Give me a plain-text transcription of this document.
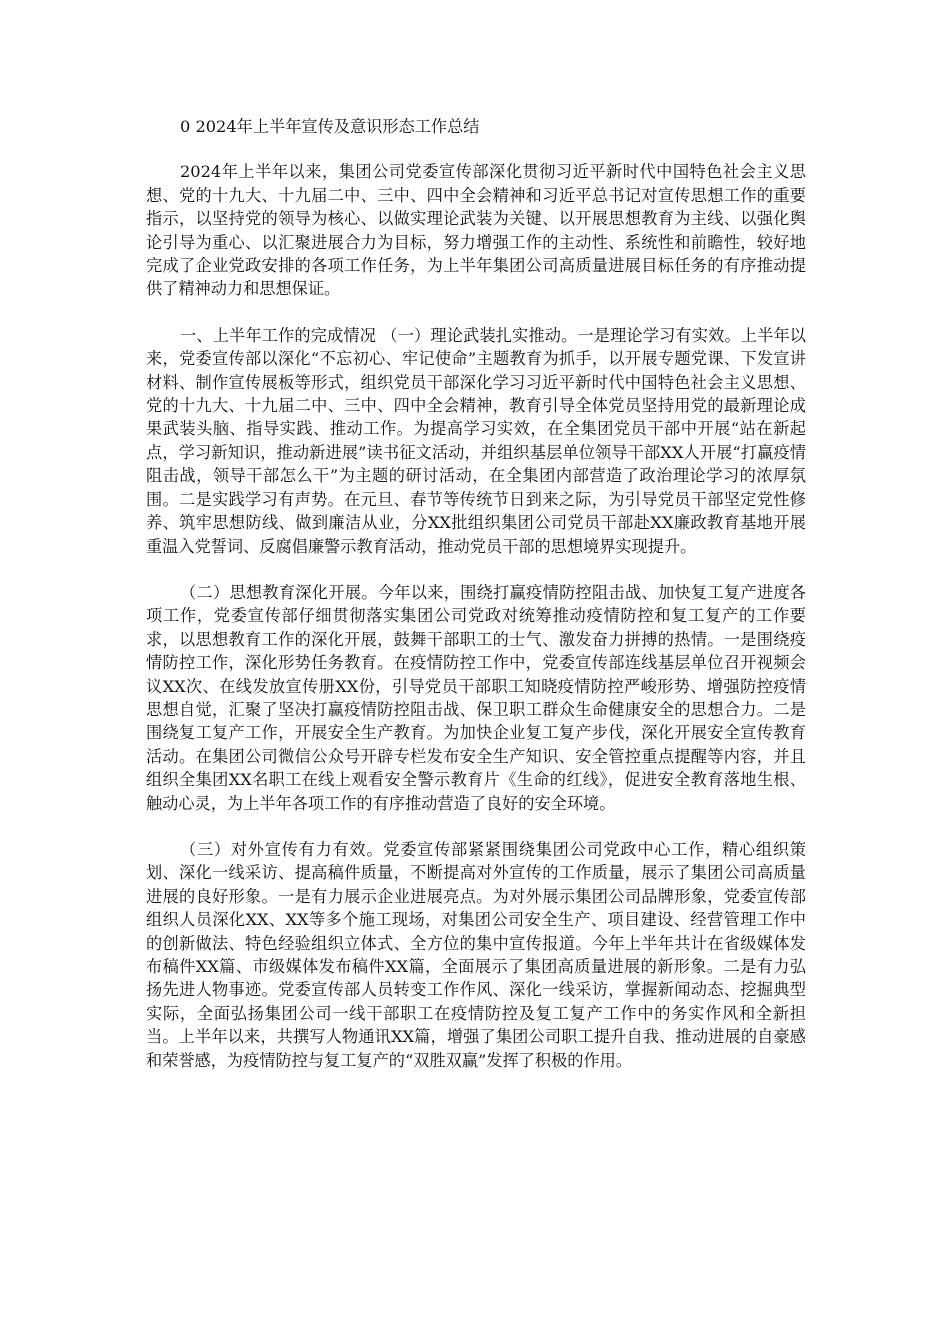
0 2024年上半年宣传及意识形态工作总结

2024年上半年以来，集团公司党委宣传部深化贯彻习近平新时代中国特色社会主义思想、党的十九大、十九届二中、三中、四中全会精神和习近平总书记对宣传思想工作的重要指示，以坚持党的领导为核心、以做实理论武装为关键、以开展思想教育为主线、以强化舆论引导为重心、以汇聚进展合力为目标，努力增强工作的主动性、系统性和前瞻性，较好地完成了企业党政安排的各项工作任务，为上半年集团公司高质量进展目标任务的有序推动提供了精神动力和思想保证。

一、上半年工作的完成情况 （一）理论武装扎实推动。一是理论学习有实效。上半年以来，党委宣传部以深化“不忘初心、牢记使命”主题教育为抓手，以开展专题党课、下发宣讲材料、制作宣传展板等形式，组织党员干部深化学习习近平新时代中国特色社会主义思想、党的十九大、十九届二中、三中、四中全会精神，教育引导全体党员坚持用党的最新理论成果武装头脑、指导实践、推动工作。为提高学习实效，在全集团党员干部中开展“站在新起点，学习新知识，推动新进展”读书征文活动，并组织基层单位领导干部XX人开展“打赢疫情阻击战，领导干部怎么干”为主题的研讨活动，在全集团内部营造了政治理论学习的浓厚氛围。二是实践学习有声势。在元旦、春节等传统节日到来之际，为引导党员干部坚定党性修养、筑牢思想防线、做到廉洁从业，分XX批组织集团公司党员干部赴XX廉政教育基地开展重温入党誓词、反腐倡廉警示教育活动，推动党员干部的思想境界实现提升。

（二）思想教育深化开展。今年以来，围绕打赢疫情防控阻击战、加快复工复产进度各项工作，党委宣传部仔细贯彻落实集团公司党政对统筹推动疫情防控和复工复产的工作要求，以思想教育工作的深化开展，鼓舞干部职工的士气、激发奋力拼搏的热情。一是围绕疫情防控工作，深化形势任务教育。在疫情防控工作中，党委宣传部连线基层单位召开视频会议XX次、在线发放宣传册XX份，引导党员干部职工知晓疫情防控严峻形势、增强防控疫情思想自觉，汇聚了坚决打赢疫情防控阻击战、保卫职工群众生命健康安全的思想合力。二是围绕复工复产工作，开展安全生产教育。为加快企业复工复产步伐，深化开展安全宣传教育活动。在集团公司微信公众号开辟专栏发布安全生产知识、安全管控重点提醒等内容，并且组织全集团XX名职工在线上观看安全警示教育片《生命的红线》，促进安全教育落地生根、触动心灵，为上半年各项工作的有序推动营造了良好的安全环境。

（三）对外宣传有力有效。党委宣传部紧紧围绕集团公司党政中心工作，精心组织策划、深化一线采访、提高稿件质量，不断提高对外宣传的工作质量，展示了集团公司高质量进展的良好形象。一是有力展示企业进展亮点。为对外展示集团公司品牌形象，党委宣传部组织人员深化XX、XX等多个施工现场，对集团公司安全生产、项目建设、经营管理工作中的创新做法、特色经验组织立体式、全方位的集中宣传报道。今年上半年共计在省级媒体发布稿件XX篇、市级媒体发布稿件XX篇，全面展示了集团高质量进展的新形象。二是有力弘扬先进人物事迹。党委宣传部人员转变工作作风、深化一线采访，掌握新闻动态、挖掘典型实际，全面弘扬集团公司一线干部职工在疫情防控及复工复产工作中的务实作风和全新担当。上半年以来，共撰写人物通讯XX篇，增强了集团公司职工提升自我、推动进展的自豪感和荣誉感，为疫情防控与复工复产的“双胜双赢”发挥了积极的作用。
